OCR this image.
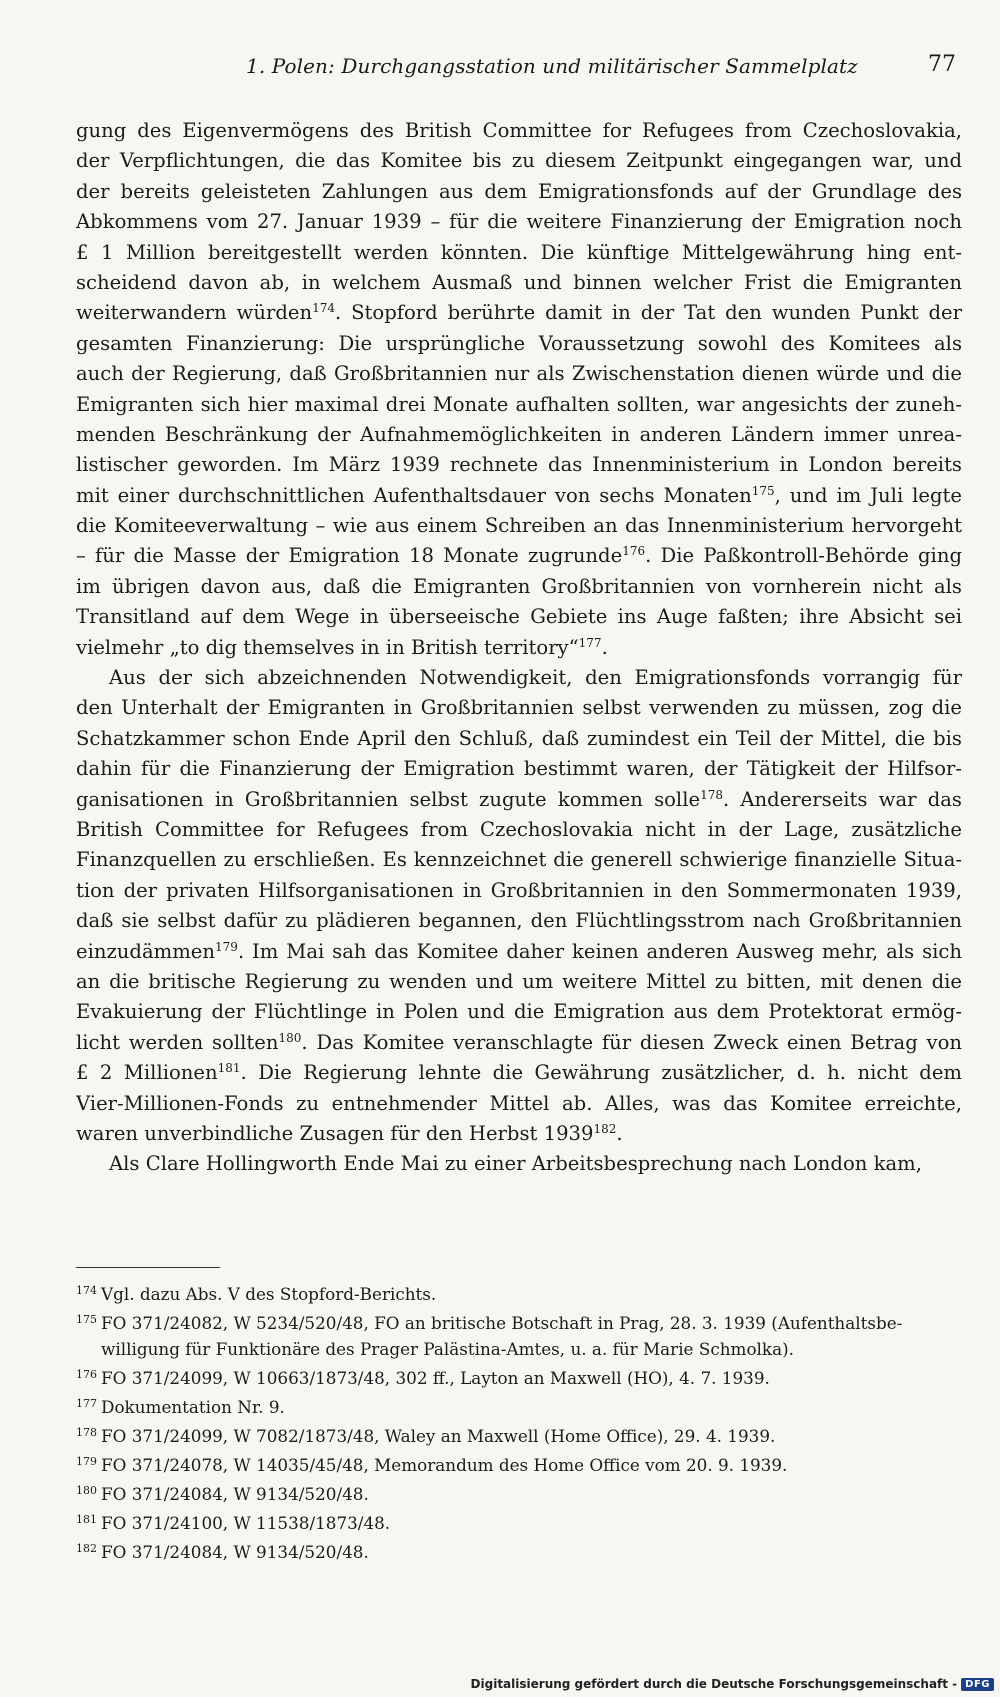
1. Polen: Durchgangsstation und militärischer Sammelplatz	77
gung des Eigenvermögens des British Committee for Refugees from Czechoslovakia,
der Verpflichtungen, die das Komitee bis zu diesem Zeitpunkt eingegangen war, und
der bereits geleisteten Zahlungen aus dem Emigrationsfonds auf der Grundlage des
Abkommens vom 27. Januar 1939 – für die weitere Finanzierung der Emigration noch
£ 1 Million bereitgestellt werden könnten. Die künftige Mittelgewährung hing ent-
scheidend davon ab, in welchem Ausmaß und binnen welcher Frist die Emigranten
weiterwandern würden$^{174}$. Stopford berührte damit in der Tat den wunden Punkt der
gesamten Finanzierung: Die ursprüngliche Voraussetzung sowohl des Komitees als
auch der Regierung, daß Großbritannien nur als Zwischenstation dienen würde und die
Emigranten sich hier maximal drei Monate aufhalten sollten, war angesichts der zuneh-
menden Beschränkung der Aufnahmemöglichkeiten in anderen Ländern immer unrea-
listischer geworden. Im März 1939 rechnete das Innenministerium in London bereits
mit einer durchschnittlichen Aufenthaltsdauer von sechs Monaten$^{175}$, und im Juli legte
die Komiteeverwaltung – wie aus einem Schreiben an das Innenministerium hervorgeht
– für die Masse der Emigration 18 Monate zugrunde$^{176}$. Die Paßkontroll-Behörde ging
im übrigen davon aus, daß die Emigranten Großbritannien von vornherein nicht als
Transitland auf dem Wege in überseeische Gebiete ins Auge faßten; ihre Absicht sei
vielmehr „to dig themselves in in British territory“$^{177}$.
Aus der sich abzeichnenden Notwendigkeit, den Emigrationsfonds vorrangig für
den Unterhalt der Emigranten in Großbritannien selbst verwenden zu müssen, zog die
Schatzkammer schon Ende April den Schluß, daß zumindest ein Teil der Mittel, die bis
dahin für die Finanzierung der Emigration bestimmt waren, der Tätigkeit der Hilfsor-
ganisationen in Großbritannien selbst zugute kommen solle$^{178}$. Andererseits war das
British Committee for Refugees from Czechoslovakia nicht in der Lage, zusätzliche
Finanzquellen zu erschließen. Es kennzeichnet die generell schwierige finanzielle Situa-
tion der privaten Hilfsorganisationen in Großbritannien in den Sommermonaten 1939,
daß sie selbst dafür zu plädieren begannen, den Flüchtlingsstrom nach Großbritannien
einzudämmen$^{179}$. Im Mai sah das Komitee daher keinen anderen Ausweg mehr, als sich
an die britische Regierung zu wenden und um weitere Mittel zu bitten, mit denen die
Evakuierung der Flüchtlinge in Polen und die Emigration aus dem Protektorat ermög-
licht werden sollten$^{180}$. Das Komitee veranschlagte für diesen Zweck einen Betrag von
£ 2 Millionen$^{181}$. Die Regierung lehnte die Gewährung zusätzlicher, d. h. nicht dem
Vier-Millionen-Fonds zu entnehmender Mittel ab. Alles, was das Komitee erreichte,
waren unverbindliche Zusagen für den Herbst 1939$^{182}$.
Als Clare Hollingworth Ende Mai zu einer Arbeitsbesprechung nach London kam,
$^{174}$ Vgl. dazu Abs. V des Stopford-Berichts.
$^{175}$ FO 371/24082, W 5234/520/48, FO an britische Botschaft in Prag, 28. 3. 1939 (Aufenthaltsbe-
willigung für Funktionäre des Prager Palästina-Amtes, u. a. für Marie Schmolka).
$^{176}$ FO 371/24099, W 10663/1873/48, 302 ff., Layton an Maxwell (HO), 4. 7. 1939.
$^{177}$ Dokumentation Nr. 9.
$^{178}$ FO 371/24099, W 7082/1873/48, Waley an Maxwell (Home Office), 29. 4. 1939.
$^{179}$ FO 371/24078, W 14035/45/48, Memorandum des Home Office vom 20. 9. 1939.
$^{180}$ FO 371/24084, W 9134/520/48.
$^{181}$ FO 371/24100, W 11538/1873/48.
$^{182}$ FO 371/24084, W 9134/520/48.
Digitalisierung gefördert durch die Deutsche Forschungsgemeinschaft - DFG
